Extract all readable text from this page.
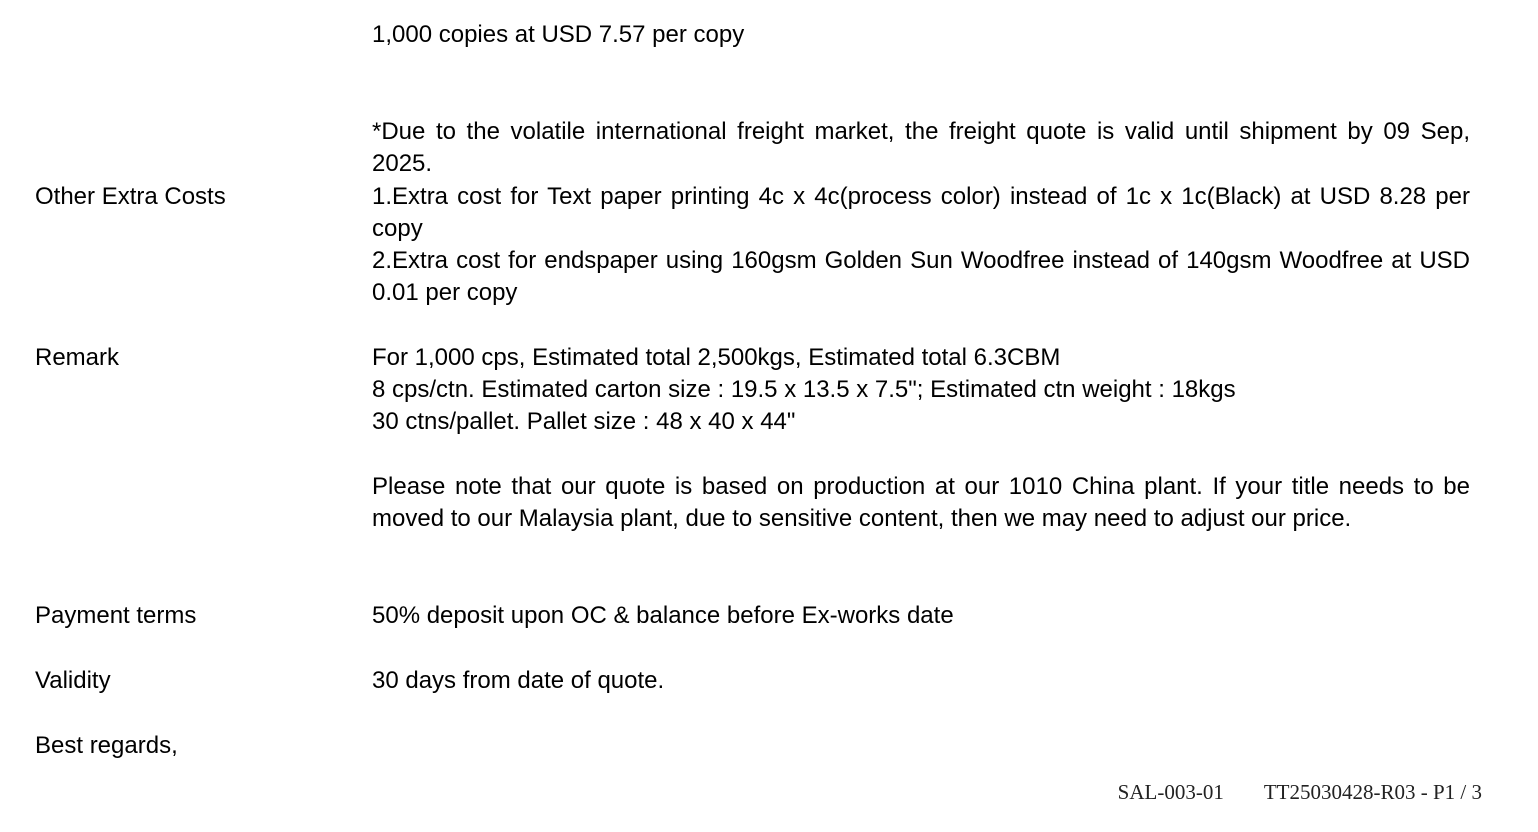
1,000 copies at USD 7.57 per copy
*Due to the volatile international freight market, the freight quote is valid until shipment by 09 Sep, 2025.
Other Extra Costs	1.Extra cost for Text paper printing 4c x 4c(process color) instead of 1c x 1c(Black) at USD 8.28 per copy
2.Extra cost for endspaper using 160gsm Golden Sun Woodfree instead of 140gsm Woodfree at USD 0.01 per copy
Remark	For 1,000 cps, Estimated total 2,500kgs, Estimated total 6.3CBM
8 cps/ctn. Estimated carton size : 19.5 x 13.5 x 7.5"; Estimated ctn weight : 18kgs
30 ctns/pallet. Pallet size : 48 x 40 x 44"
Please note that our quote is based on production at our 1010 China plant. If your title needs to be moved to our Malaysia plant, due to sensitive content, then we may need to adjust our price.
Payment terms	50% deposit upon OC & balance before Ex-works date
Validity	30 days from date of quote.
Best regards,
SAL-003-01 TT25030428-R03 - P1 / 3
